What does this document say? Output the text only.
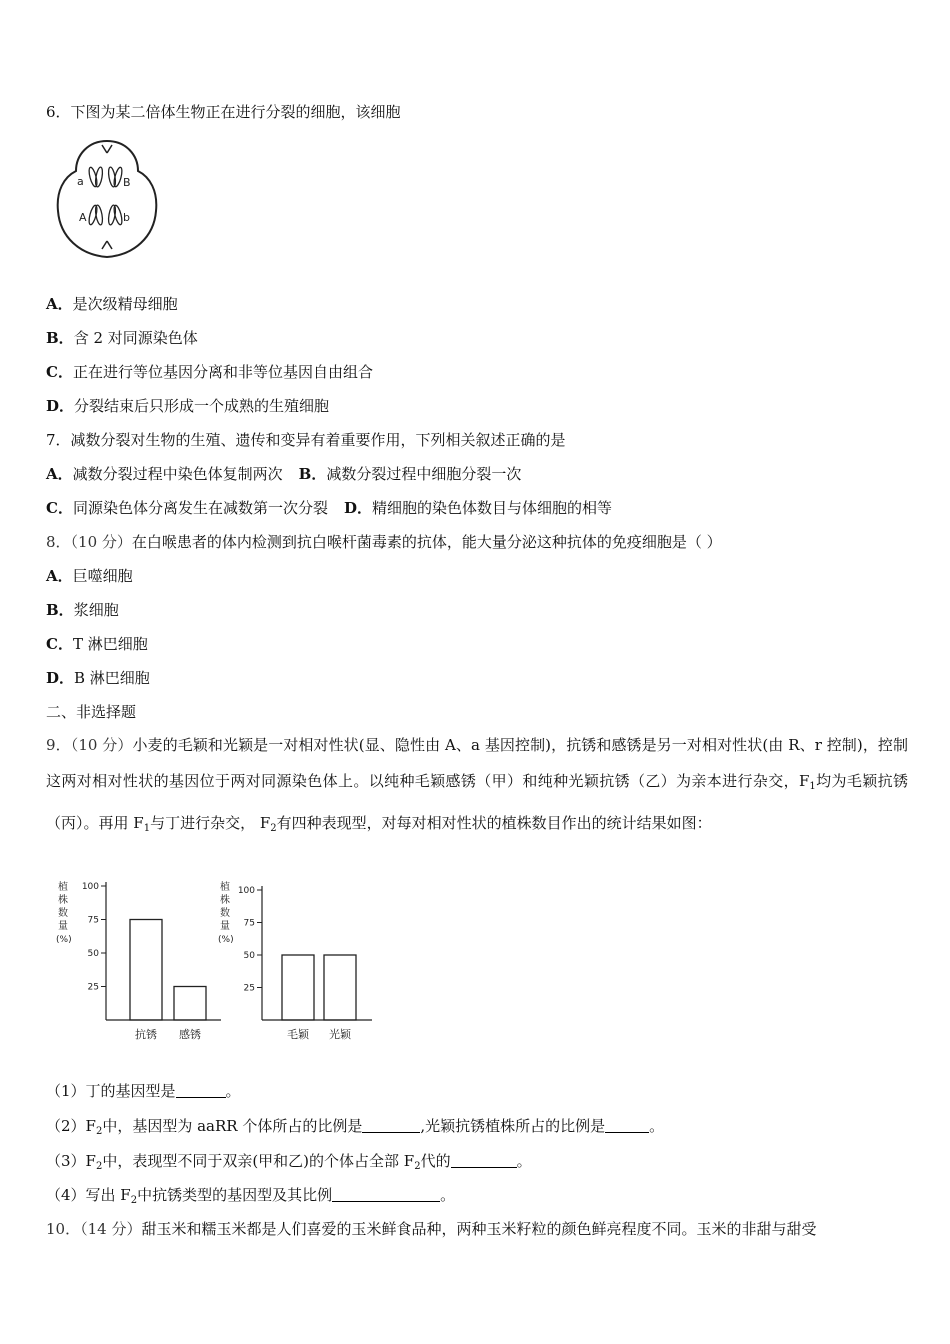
6．下图为某二倍体生物正在进行分裂的细胞，该细胞
a	B
A	b
A．是次级精母细胞
B．含 2 对同源染色体
C．正在进行等位基因分离和非等位基因自由组合
D．分裂结束后只形成一个成熟的生殖细胞
7．减数分裂对生物的生殖、遗传和变异有着重要作用，下列相关叙述正确的是
A．减数分裂过程中染色体复制两次 B．减数分裂过程中细胞分裂一次
C．同源染色体分离发生在减数第一次分裂 D．精细胞的染色体数目与体细胞的相等
8．（10 分）在白喉患者的体内检测到抗白喉杆菌毒素的抗体，能大量分泌这种抗体的免疫细胞是（ ）
A．巨噬细胞
B．浆细胞
C．T 淋巴细胞
D．B 淋巴细胞
二、非选择题
9．（10 分）小麦的毛颖和光颖是一对相对性状(显、隐性由 A、a 基因控制)，抗锈和感锈是另一对相对性状(由 R、r 控制)，控制这两对相对性状的基因位于两对同源染色体上。以纯种毛颖感锈（甲）和纯种光颖抗锈（乙）为亲本进行杂交，$F_1$均为毛颖抗锈（丙）。再用 $F_1$与丁进行杂交， $F_2$有四种表现型，对每对相对性状的植株数目作出的统计结果如图：
植
株
数
量
(%)
100
75
50
25
抗锈 感锈
植
株
数
量
(%)
100
75
50
25
毛颖 光颖
（1）丁的基因型是	。
$(2)F_2$中，基因型为 aaRR 个体所占的比例是	,光颖抗锈植株所占的比例是	。
$(3)F_2$中，表现型不同于双亲(甲和乙)的个体占全部 $F_2$代的	。
（4）写出 $F_2$中抗锈类型的基因型及其比例	。
10．（14 分）甜玉米和糯玉米都是人们喜爱的玉米鲜食品种，两种玉米籽粒的颜色鲜亮程度不同。玉米的非甜与甜受
